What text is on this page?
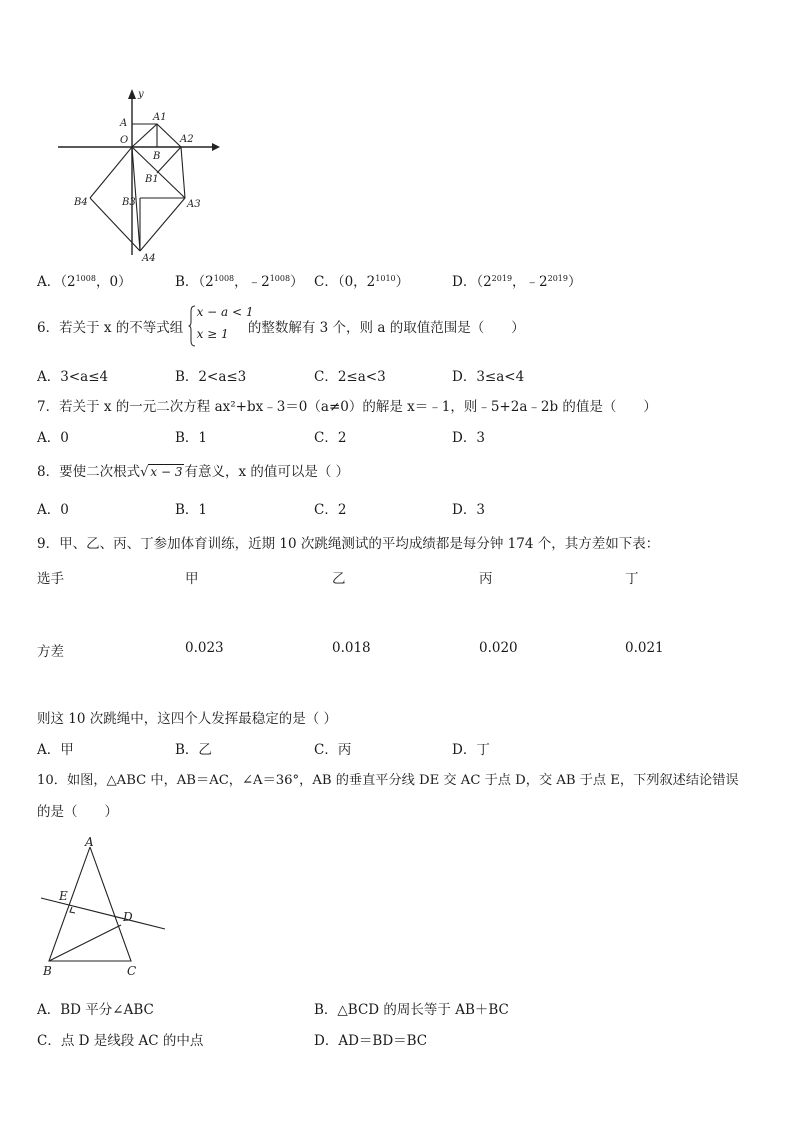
y
A
A1
O	A2
B
B1
B4	B3	A3
A4
A．（$2^{1008}$，0）	B．（$2^{1008}$，$﹣2^{1008}$） C．（0，$2^{1010}$）	D．（$2^{2019}$，$﹣2^{2019}$）
6．若关于 x 的不等式组
x − a < 1
x ≥ 1 的整数解有 3 个，则 a 的取值范围是（　　）
A．3<a≤4	B．2<a≤3	C．2≤a<3	D．3≤a<4
7．若关于 x 的一元二次方程 ax²+bx﹣3＝0（a≠0）的解是 x＝﹣1，则﹣5+2a﹣2b 的值是（　　）
A．0	B．1	C．2	D．3
8．要使二次根式√ x − 3 有意义，x 的值可以是（ ）
A．0	B．1	C．2	D．3
9．甲、乙、丙、丁参加体育训练，近期 10 次跳绳测试的平均成绩都是每分钟 174 个，其方差如下表：
选手	甲	乙	丙	丁
方差	0.023	0.018	0.020	0.021
则这 10 次跳绳中，这四个人发挥最稳定的是（ ）
A．甲	B．乙	C．丙	D．丁
10．如图，△ABC 中，AB＝AC，∠A＝36°，AB 的垂直平分线 DE 交 AC 于点 D，交 AB 于点 E，下列叙述结论错误
的是（　　）
A
E
D
B	C
A．BD 平分∠ABC	B．△BCD 的周长等于 AB＋BC
C．点 D 是线段 AC 的中点	D．AD＝BD＝BC
